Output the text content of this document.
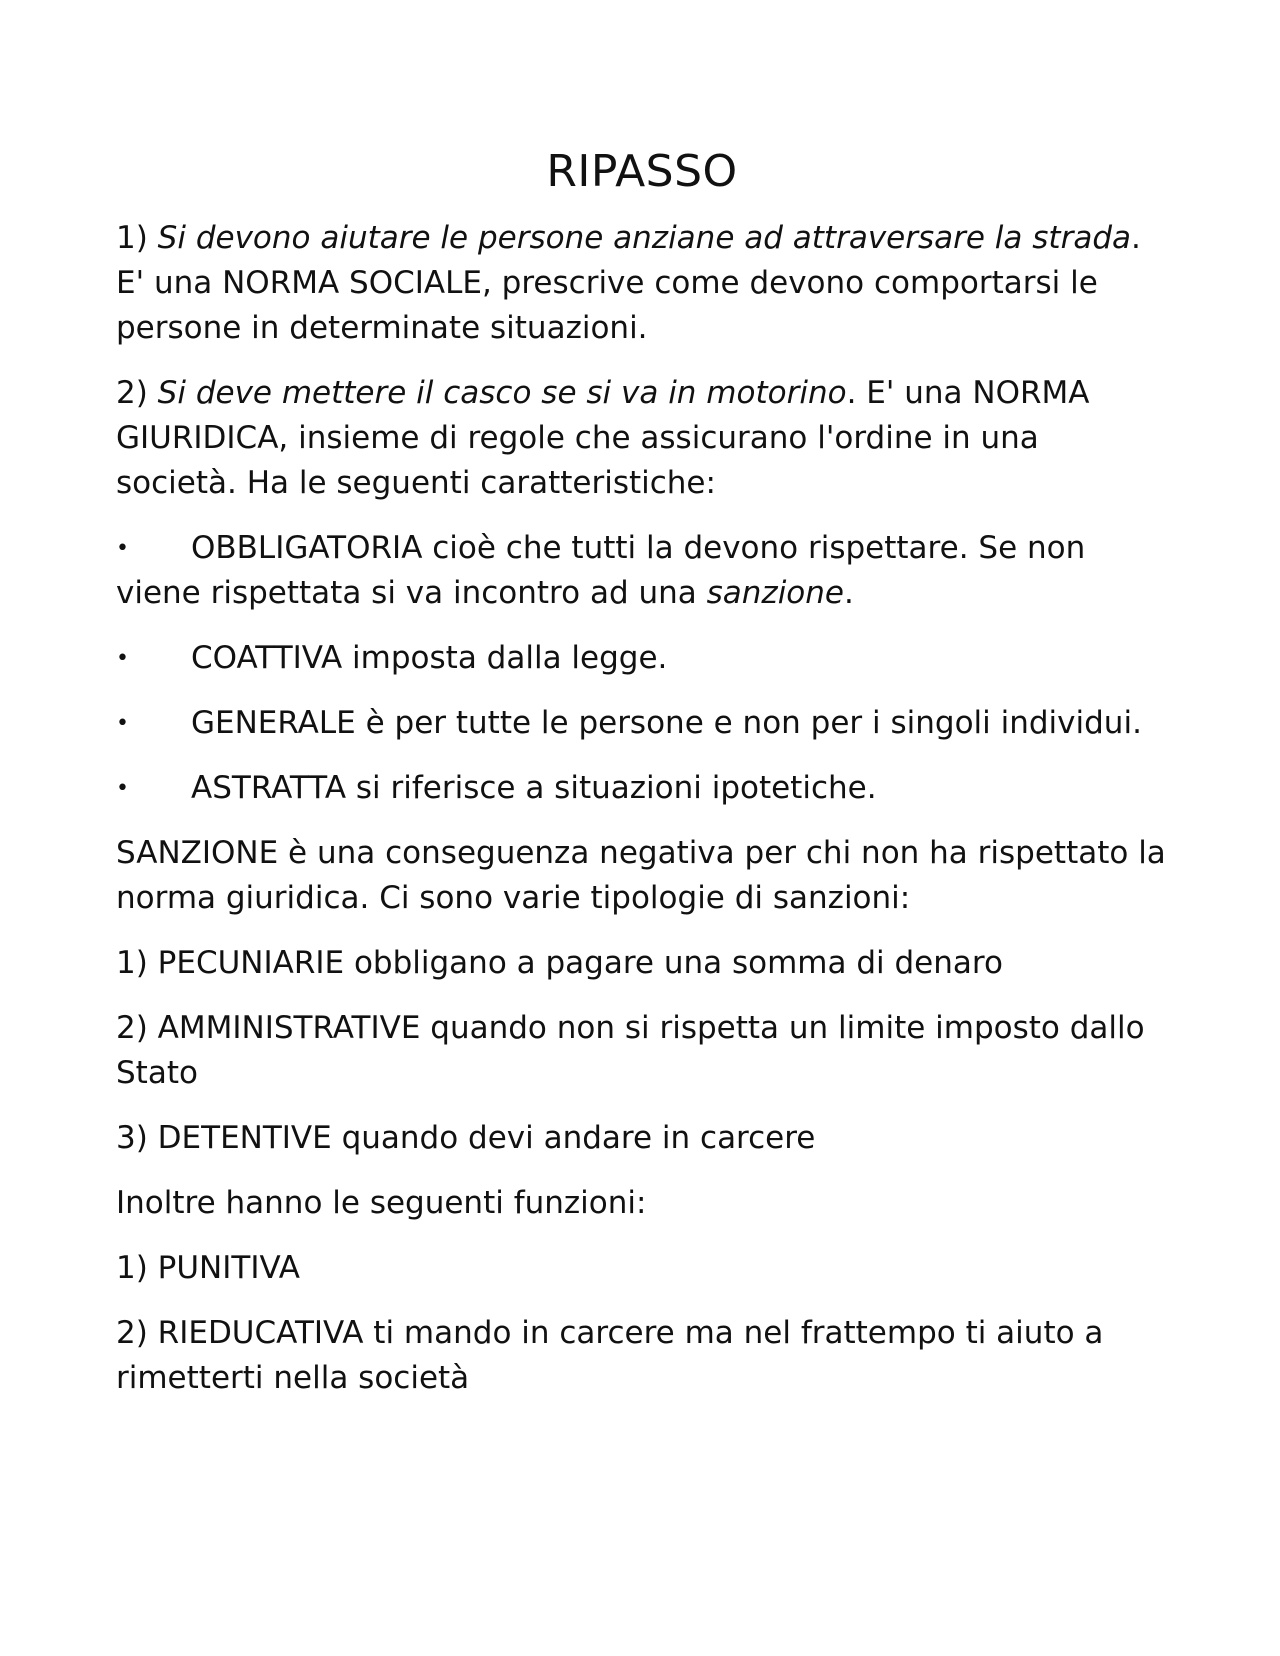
RIPASSO

1) Si devono aiutare le persone anziane ad attraversare la strada. E' una NORMA SOCIALE, prescrive come devono comportarsi le persone in determinate situazioni.

2) Si deve mettere il casco se si va in motorino. E' una NORMA GIURIDICA, insieme di regole che assicurano l'ordine in una società. Ha le seguenti caratteristiche:

• OBBLIGATORIA cioè che tutti la devono rispettare. Se non viene rispettata si va incontro ad una sanzione.

• COATTIVA imposta dalla legge.

• GENERALE è per tutte le persone e non per i singoli individui.

• ASTRATTA si riferisce a situazioni ipotetiche.

SANZIONE è una conseguenza negativa per chi non ha rispettato la norma giuridica. Ci sono varie tipologie di sanzioni:

1) PECUNIARIE obbligano a pagare una somma di denaro

2) AMMINISTRATIVE quando non si rispetta un limite imposto dallo Stato

3) DETENTIVE quando devi andare in carcere

Inoltre hanno le seguenti funzioni:

1) PUNITIVA

2) RIEDUCATIVA ti mando in carcere ma nel frattempo ti aiuto a rimetterti nella società
